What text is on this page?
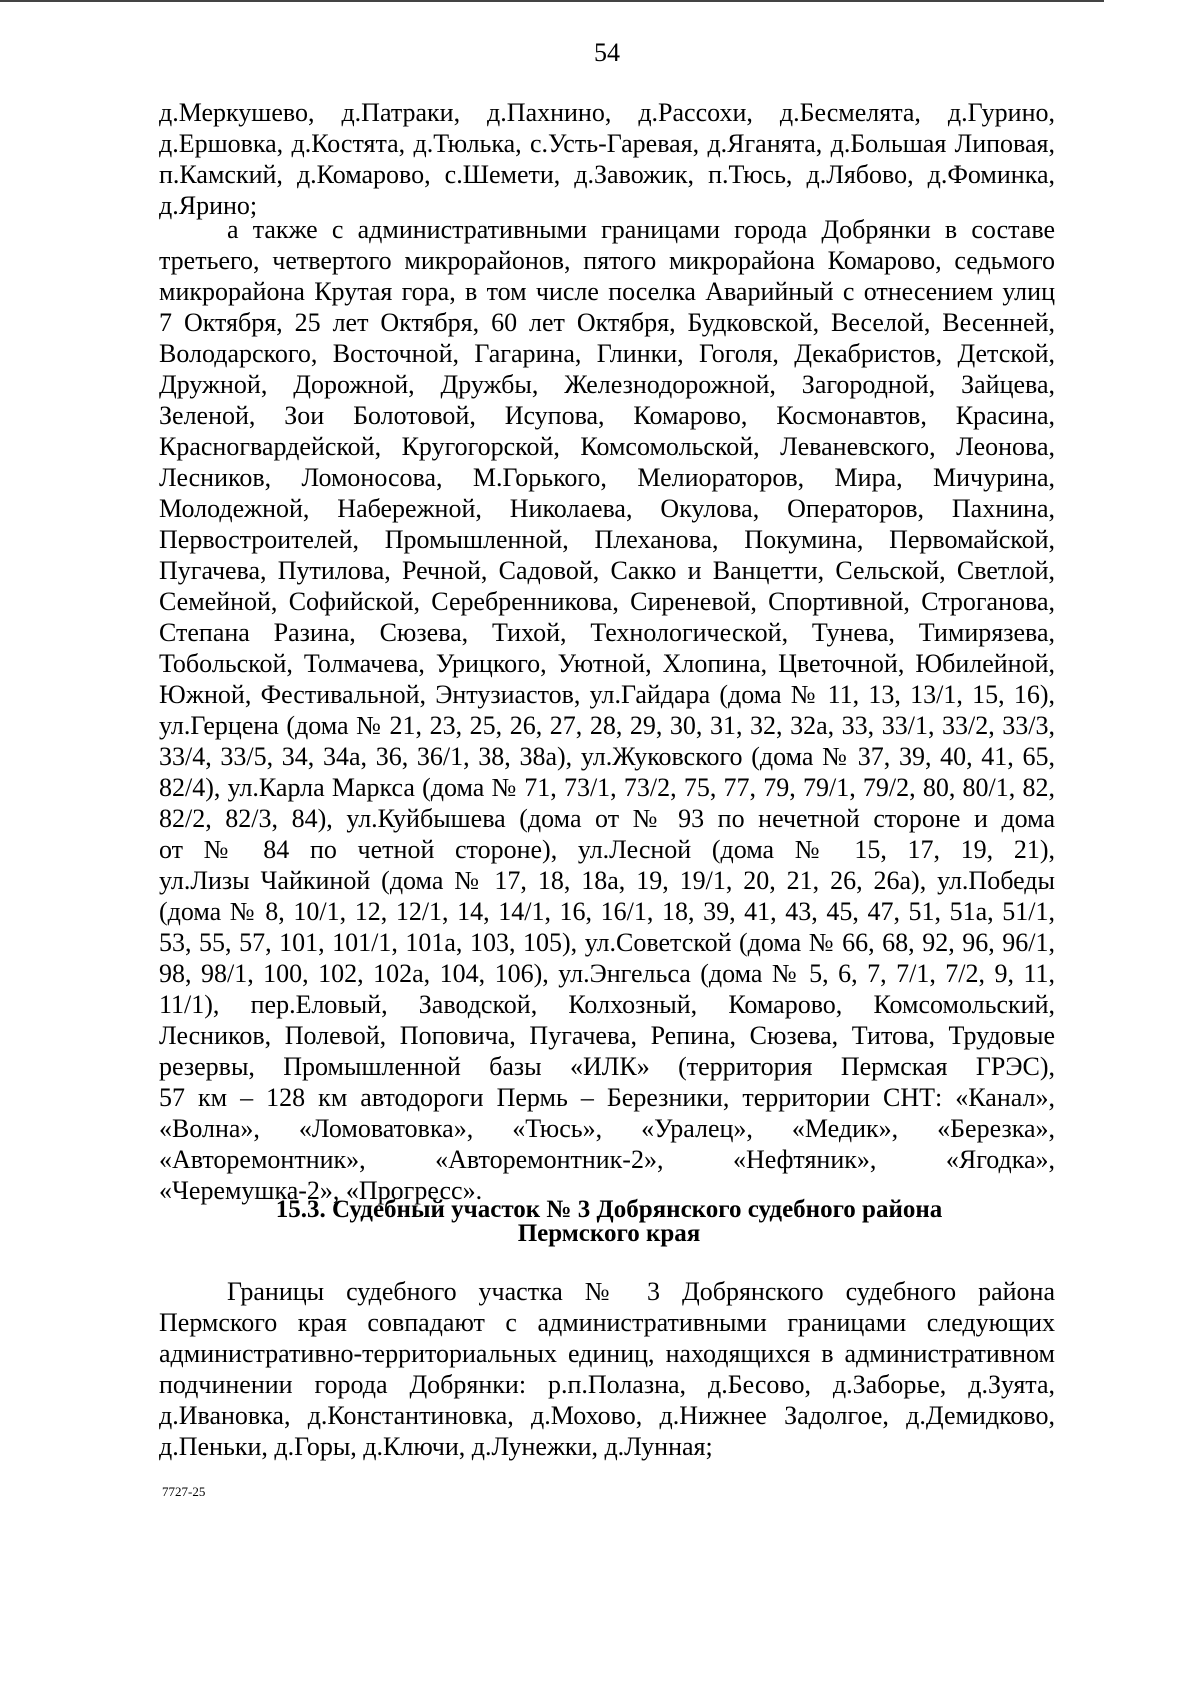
54

д.Меркушево, д.Патраки, д.Пахнино, д.Рассохи, д.Бесмелята, д.Гурино,

д.Ершовка, д.Костята, д.Тюлька, с.Усть-Гаревая, д.Яганята, д.Большая Липовая,

п.Камский, д.Комарово, с.Шемети, д.Завожик, п.Тюсь, д.Лябово, д.Фоминка,

д.Ярино;

а также с административными границами города Добрянки в составе

третьего, четвертого микрорайонов, пятого микрорайона Комарово, седьмого

микрорайона Крутая гора, в том числе поселка Аварийный с отнесением улиц

7 Октября, 25 лет Октября, 60 лет Октября, Будковской, Веселой, Весенней,

Володарского, Восточной, Гагарина, Глинки, Гоголя, Декабристов, Детской,

Дружной, Дорожной, Дружбы, Железнодорожной, Загородной, Зайцева,

Зеленой, Зои Болотовой, Исупова, Комарово, Космонавтов, Красина,

Красногвардейской, Кругогорской, Комсомольской, Леваневского, Леонова,

Лесников, Ломоносова, М.Горького, Мелиораторов, Мира, Мичурина,

Молодежной, Набережной, Николаева, Окулова, Операторов, Пахнина,

Первостроителей, Промышленной, Плеханова, Покумина, Первомайской,

Пугачева, Путилова, Речной, Садовой, Сакко и Ванцетти, Сельской, Светлой,

Семейной, Софийской, Серебренникова, Сиреневой, Спортивной, Строганова,

Степана Разина, Сюзева, Тихой, Технологической, Тунева, Тимирязева,

Тобольской, Толмачева, Урицкого, Уютной, Хлопина, Цветочной, Юбилейной,

Южной, Фестивальной, Энтузиастов, ул.Гайдара (дома № 11, 13, 13/1, 15, 16),

ул.Герцена (дома № 21, 23, 25, 26, 27, 28, 29, 30, 31, 32, 32а, 33, 33/1, 33/2, 33/3,

33/4, 33/5, 34, 34а, 36, 36/1, 38, 38а), ул.Жуковского (дома № 37, 39, 40, 41, 65,

82/4), ул.Карла Маркса (дома № 71, 73/1, 73/2, 75, 77, 79, 79/1, 79/2, 80, 80/1, 82,

82/2, 82/3, 84), ул.Куйбышева (дома от № 93 по нечетной стороне и дома

от № 84 по четной стороне), ул.Лесной (дома № 15, 17, 19, 21),

ул.Лизы Чайкиной (дома № 17, 18, 18а, 19, 19/1, 20, 21, 26, 26а), ул.Победы

(дома № 8, 10/1, 12, 12/1, 14, 14/1, 16, 16/1, 18, 39, 41, 43, 45, 47, 51, 51а, 51/1,

53, 55, 57, 101, 101/1, 101а, 103, 105), ул.Советской (дома № 66, 68, 92, 96, 96/1,

98, 98/1, 100, 102, 102а, 104, 106), ул.Энгельса (дома № 5, 6, 7, 7/1, 7/2, 9, 11,

11/1), пер.Еловый, Заводской, Колхозный, Комарово, Комсомольский,

Лесников, Полевой, Поповича, Пугачева, Репина, Сюзева, Титова, Трудовые

резервы, Промышленной базы «ИЛК» (территория Пермская ГРЭС),

57 км – 128 км автодороги Пермь – Березники, территории СНТ: «Канал»,

«Волна», «Ломоватовка», «Тюсь», «Уралец», «Медик», «Березка»,

«Авторемонтник», «Авторемонтник-2», «Нефтяник», «Ягодка»,

«Черемушка-2», «Прогресс».

15.3. Судебный участок № 3 Добрянского судебного района
Пермского края

Границы судебного участка № 3 Добрянского судебного района

Пермского края совпадают с административными границами следующих

административно-территориальных единиц, находящихся в административном

подчинении города Добрянки: р.п.Полазна, д.Бесово, д.Заборье, д.Зуята,

д.Ивановка, д.Константиновка, д.Мохово, д.Нижнее Задолгое, д.Демидково,

д.Пеньки, д.Горы, д.Ключи, д.Лунежки, д.Лунная;

7727-25
